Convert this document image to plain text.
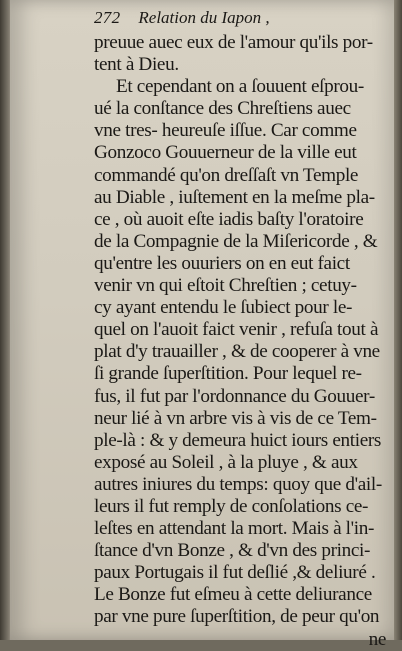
272 Relation du Iapon ,
preuue auec eux de l'amour qu'ils por-
tent à Dieu.
Et cependant on a ſouuent eſprou-
ué la conſtance des Chreſtiens auec
vne tres- heureuſe iſſue. Car comme
Gonzoco Gouuerneur de la ville eut
commandé qu'on dreſſaſt vn Temple
au Diable , iuſtement en la meſme pla-
ce , où auoit eſte iadis baſty l'oratoire
de la Compagnie de la Miſericorde , &
qu'entre les ouuriers on en eut faict
venir vn qui eſtoit Chreſtien ; cetuy-
cy ayant entendu le ſubiect pour le-
quel on l'auoit faict venir , refuſa tout à
plat d'y trauailler , & de cooperer à vne
ſi grande ſuperſtition. Pour lequel re-
fus, il fut par l'ordonnance du Gouuer-
neur lié à vn arbre vis à vis de ce Tem-
ple-là : & y demeura huict iours entiers
exposé au Soleil , à la pluye , & aux
autres iniures du temps: quoy que d'ail-
leurs il fut remply de conſolations ce-
leſtes en attendant la mort. Mais à l'in-
ſtance d'vn Bonze , & d'vn des princi-
paux Portugais il fut deſlié ,& deliuré .
Le Bonze fut eſmeu à cette deliurance
par vne pure ſuperſtition, de peur qu'on
ne
